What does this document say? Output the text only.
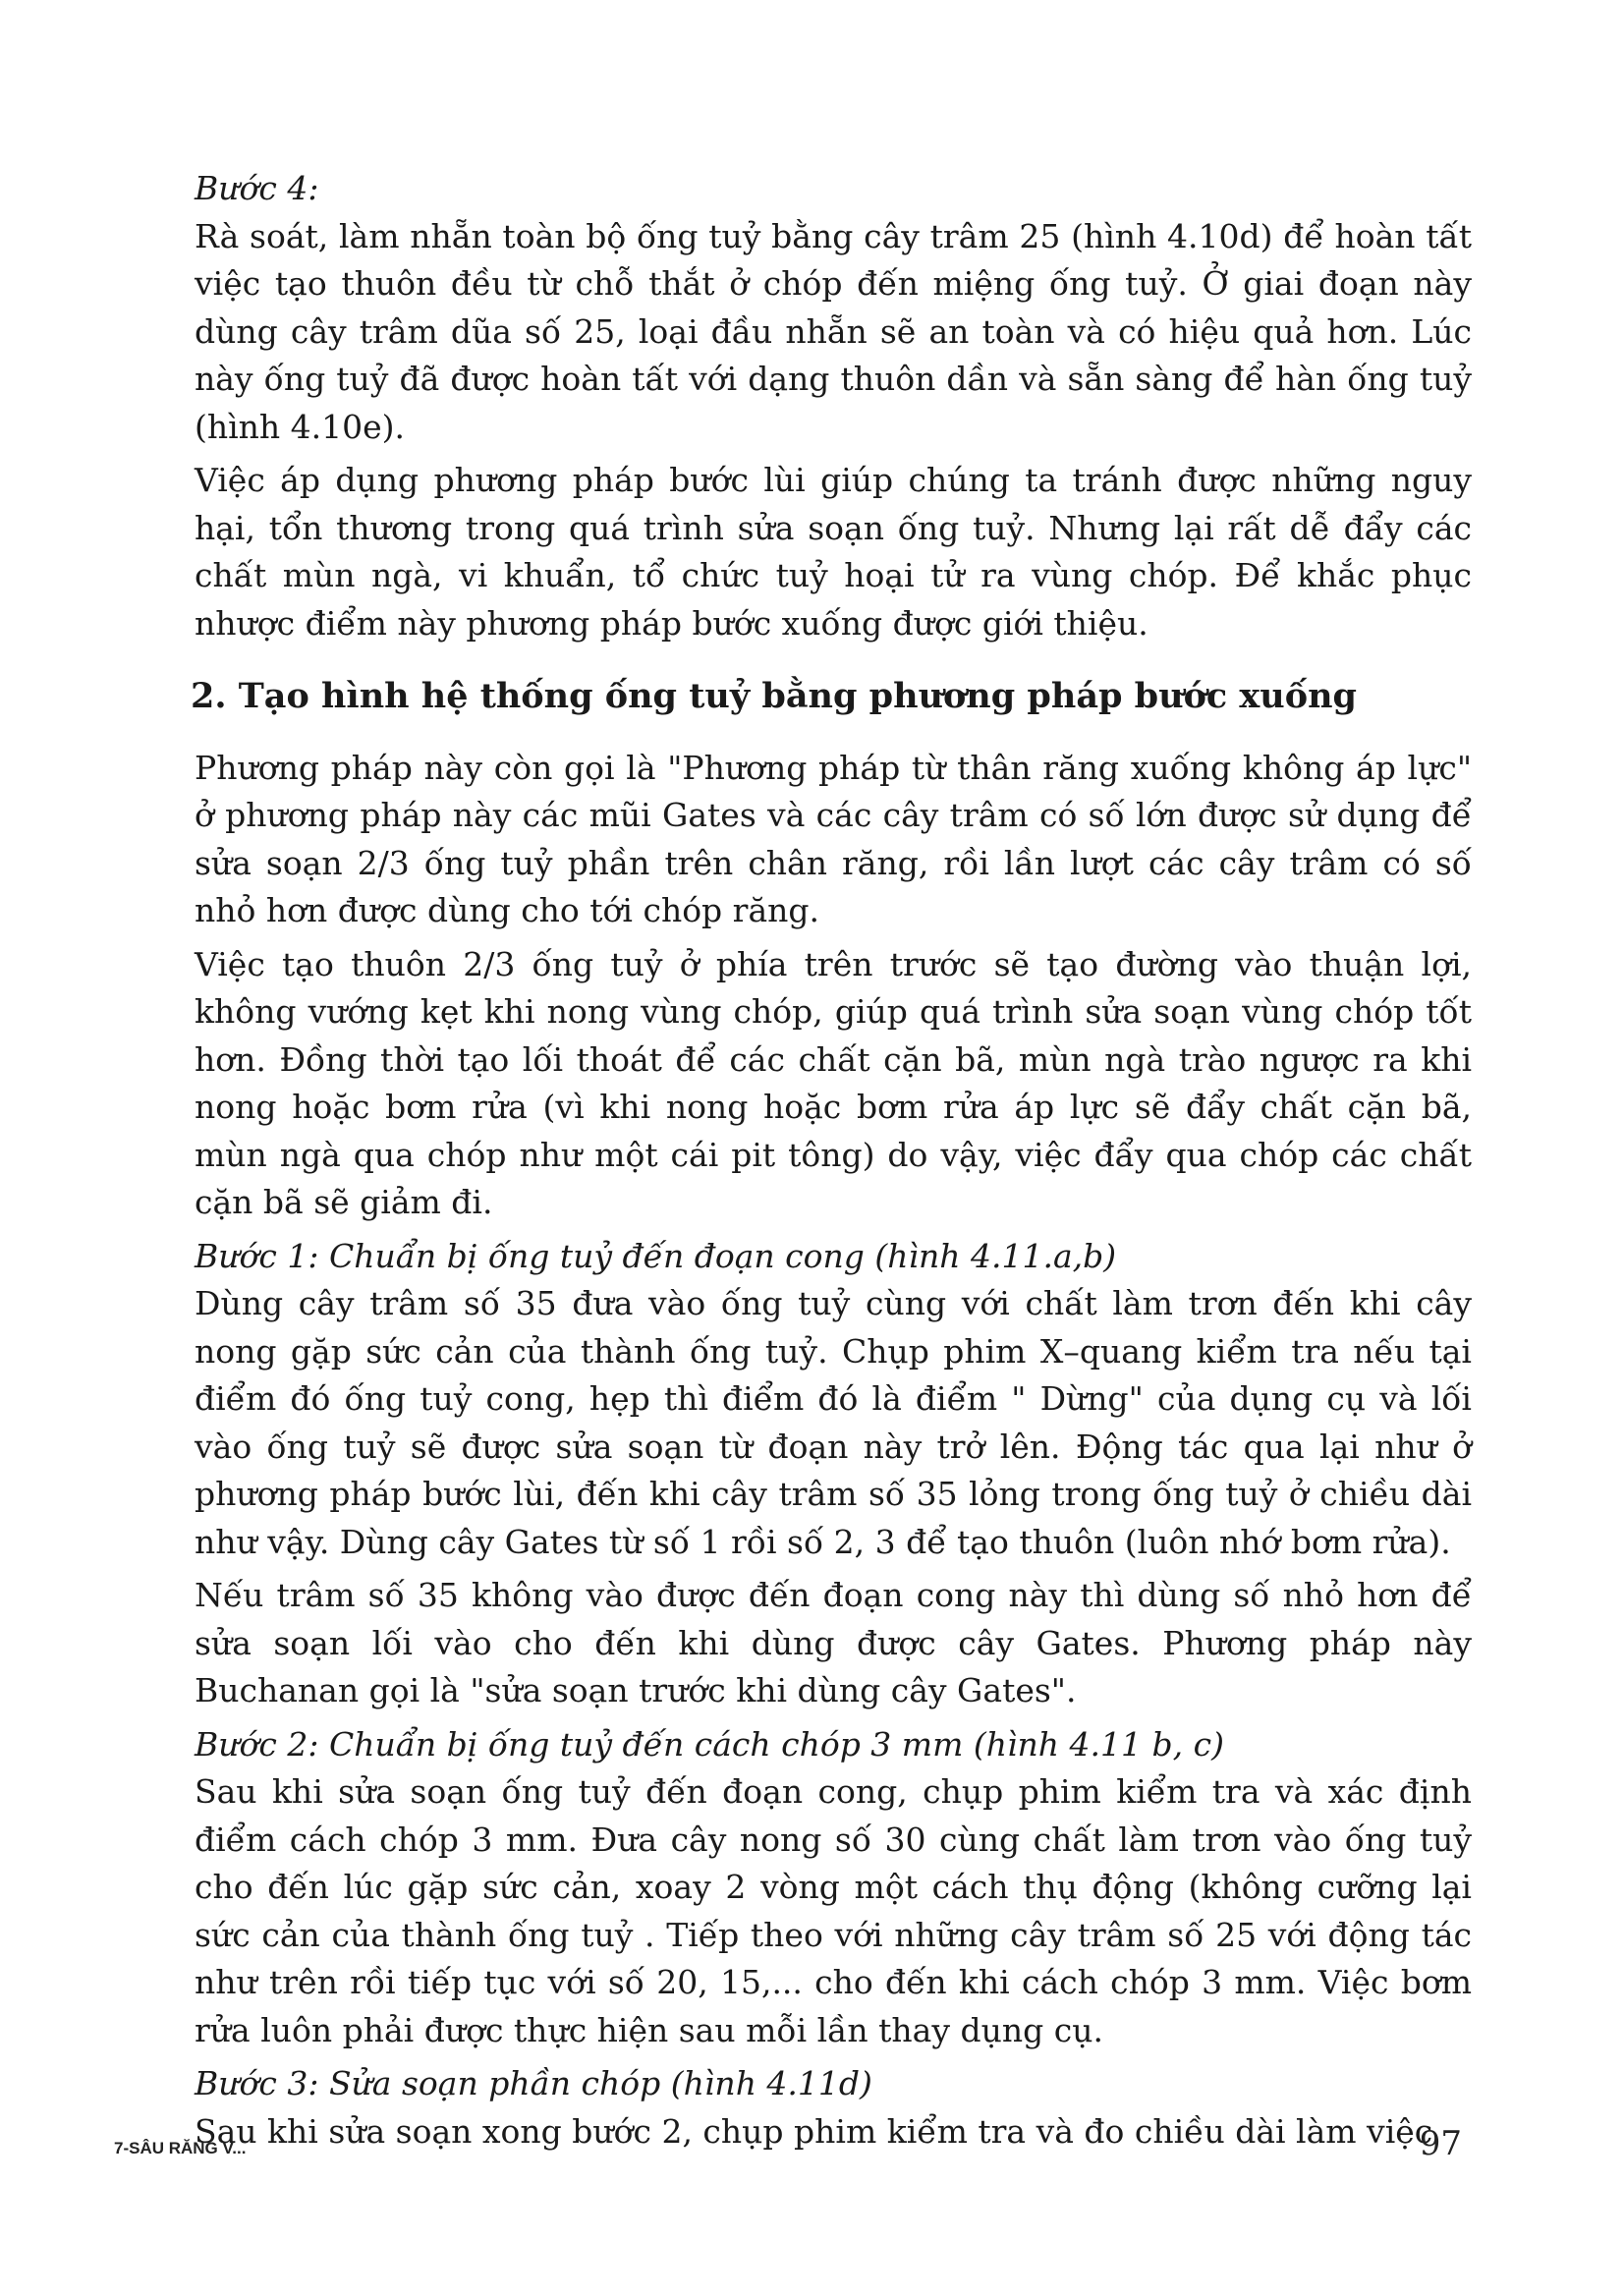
Bước 4:

Rà soát, làm nhẵn toàn bộ ống tuỷ bằng cây trâm 25 (hình 4.10d) để hoàn tất việc tạo thuôn đều từ chỗ thắt ở chóp đến miệng ống tuỷ. Ở giai đoạn này dùng cây trâm dũa số 25, loại đầu nhẵn sẽ an toàn và có hiệu quả hơn. Lúc này ống tuỷ đã được hoàn tất với dạng thuôn dần và sẵn sàng để hàn ống tuỷ (hình 4.10e).

Việc áp dụng phương pháp bước lùi giúp chúng ta tránh được những nguy hại, tổn thương trong quá trình sửa soạn ống tuỷ. Nhưng lại rất dễ đẩy các chất mùn ngà, vi khuẩn, tổ chức tuỷ hoại tử ra vùng chóp. Để khắc phục nhược điểm này phương pháp bước xuống được giới thiệu.

2. Tạo hình hệ thống ống tuỷ bằng phương pháp bước xuống

Phương pháp này còn gọi là "Phương pháp từ thân răng xuống không áp lực" ở phương pháp này các mũi Gates và các cây trâm có số lớn được sử dụng để sửa soạn 2/3 ống tuỷ phần trên chân răng, rồi lần lượt các cây trâm có số nhỏ hơn được dùng cho tới chóp răng.

Việc tạo thuôn 2/3 ống tuỷ ở phía trên trước sẽ tạo đường vào thuận lợi, không vướng kẹt khi nong vùng chóp, giúp quá trình sửa soạn vùng chóp tốt hơn. Đồng thời tạo lối thoát để các chất cặn bã, mùn ngà trào ngược ra khi nong hoặc bơm rửa (vì khi nong hoặc bơm rửa áp lực sẽ đẩy chất cặn bã, mùn ngà qua chóp như một cái pit tông) do vậy, việc đẩy qua chóp các chất cặn bã sẽ giảm đi.

Bước 1: Chuẩn bị ống tuỷ đến đoạn cong (hình 4.11.a,b)

Dùng cây trâm số 35 đưa vào ống tuỷ cùng với chất làm trơn đến khi cây nong gặp sức cản của thành ống tuỷ. Chụp phim X–quang kiểm tra nếu tại điểm đó ống tuỷ cong, hẹp thì điểm đó là điểm " Dừng" của dụng cụ và lối vào ống tuỷ sẽ được sửa soạn từ đoạn này trở lên. Động tác qua lại như ở phương pháp bước lùi, đến khi cây trâm số 35 lỏng trong ống tuỷ ở chiều dài như vậy. Dùng cây Gates từ số 1 rồi số 2, 3 để tạo thuôn (luôn nhớ bơm rửa).

Nếu trâm số 35 không vào được đến đoạn cong này thì dùng số nhỏ hơn để sửa soạn lối vào cho đến khi dùng được cây Gates. Phương pháp này Buchanan gọi là "sửa soạn trước khi dùng cây Gates".

Bước 2: Chuẩn bị ống tuỷ đến cách chóp 3 mm (hình 4.11 b, c)

Sau khi sửa soạn ống tuỷ đến đoạn cong, chụp phim kiểm tra và xác định điểm cách chóp 3 mm. Đưa cây nong số 30 cùng chất làm trơn vào ống tuỷ cho đến lúc gặp sức cản, xoay 2 vòng một cách thụ động (không cưỡng lại sức cản của thành ống tuỷ . Tiếp theo với những cây trâm số 25 với động tác như trên rồi tiếp tục với số 20, 15,... cho đến khi cách chóp 3 mm. Việc bơm rửa luôn phải được thực hiện sau mỗi lần thay dụng cụ.

Bước 3: Sửa soạn phần chóp (hình 4.11d)

Sau khi sửa soạn xong bước 2, chụp phim kiểm tra và đo chiều dài làm việc

7-SÂU RĂNG V...	97
